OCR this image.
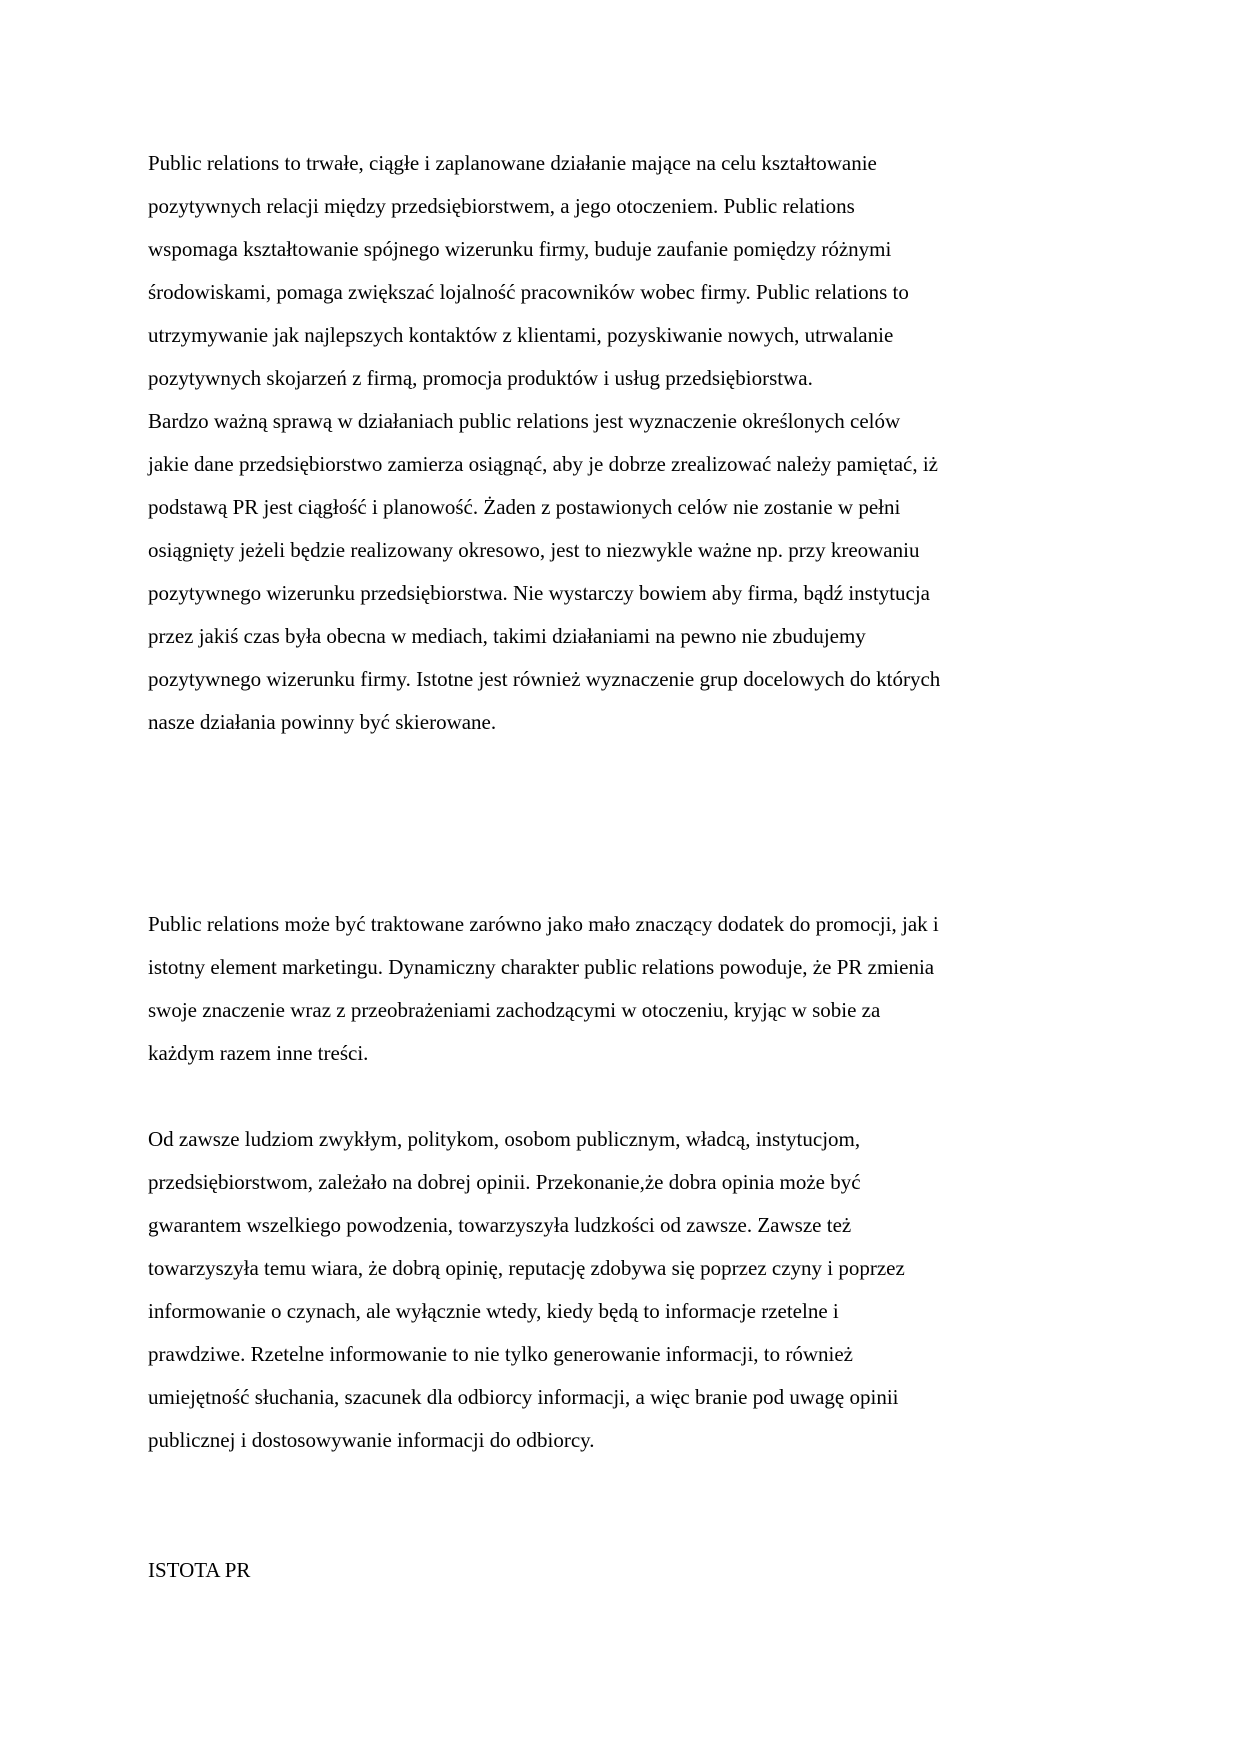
Public relations to trwałe, ciągłe i zaplanowane działanie mające na celu kształtowanie

pozytywnych relacji między przedsiębiorstwem, a jego otoczeniem. Public relations

wspomaga kształtowanie spójnego wizerunku firmy, buduje zaufanie pomiędzy różnymi

środowiskami, pomaga zwiększać lojalność pracowników wobec firmy. Public relations to

utrzymywanie jak najlepszych kontaktów z klientami, pozyskiwanie nowych, utrwalanie

pozytywnych skojarzeń z firmą, promocja produktów i usług przedsiębiorstwa.

Bardzo ważną sprawą w działaniach public relations jest wyznaczenie określonych celów

jakie dane przedsiębiorstwo zamierza osiągnąć, aby je dobrze zrealizować należy pamiętać, iż

podstawą PR jest ciągłość i planowość. Żaden z postawionych celów nie zostanie w pełni

osiągnięty jeżeli będzie realizowany okresowo, jest to niezwykle ważne np. przy kreowaniu

pozytywnego wizerunku przedsiębiorstwa. Nie wystarczy bowiem aby firma, bądź instytucja

przez jakiś czas była obecna w mediach, takimi działaniami na pewno nie zbudujemy

pozytywnego wizerunku firmy. Istotne jest również wyznaczenie grup docelowych do których

nasze działania powinny być skierowane.

Public relations może być traktowane zarówno jako mało znaczący dodatek do promocji, jak i

istotny element marketingu. Dynamiczny charakter public relations powoduje, że PR zmienia

swoje znaczenie wraz z przeobrażeniami zachodzącymi w otoczeniu, kryjąc w sobie za

każdym razem inne treści.

Od zawsze ludziom zwykłym, politykom, osobom publicznym, władcą, instytucjom,

przedsiębiorstwom, zależało na dobrej opinii. Przekonanie,że dobra opinia może być

gwarantem wszelkiego powodzenia, towarzyszyła ludzkości od zawsze. Zawsze też

towarzyszyła temu wiara, że dobrą opinię, reputację zdobywa się poprzez czyny i poprzez

informowanie o czynach, ale wyłącznie wtedy, kiedy będą to informacje rzetelne i

prawdziwe. Rzetelne informowanie to nie tylko generowanie informacji, to również

umiejętność słuchania, szacunek dla odbiorcy informacji, a więc branie pod uwagę opinii

publicznej i dostosowywanie informacji do odbiorcy.

ISTOTA PR
